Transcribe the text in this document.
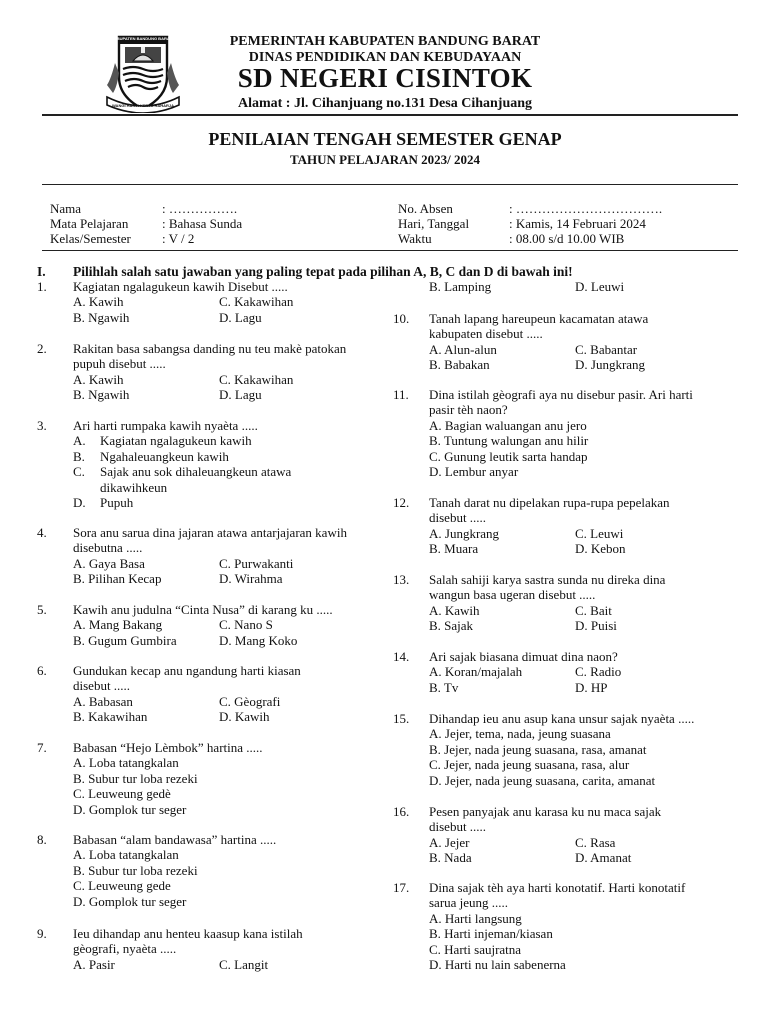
KABUPATEN BANDUNG BARAT
WANGI HARTI KERTA RAHARJA
PEMERINTAH KABUPATEN BANDUNG BARAT
DINAS PENDIDIKAN DAN KEBUDAYAAN
SD NEGERI CISINTOK
Alamat : Jl. Cihanjuang no.131 Desa Cihanjuang
PENILAIAN TENGAH SEMESTER GENAP
TAHUN PELAJARAN 2023/ 2024
Nama	: …………….
Mata Pelajaran	: Bahasa Sunda
Kelas/Semester : V / 2
No. Absen	: …………………………….
Hari, Tanggal	: Kamis, 14 Februari 2024
Waktu	: 08.00 s/d 10.00 WIB
I. Pilihlah salah satu jawaban yang paling tepat pada pilihan A, B, C dan D di bawah ini!
1. Kagiatan ngalagukeun kawih Disebut .....
A. Kawih	C. Kakawihan
B. Ngawih	D. Lagu
2. Rakitan basa sabangsa danding nu teu makè patokan
pupuh disebut .....
A. Kawih	C. Kakawihan
B. Ngawih	D. Lagu
3. Ari harti rumpaka kawih nyaèta .....
A. Kagiatan ngalagukeun kawih
B. Ngahaleuangkeun kawih
C. Sajak anu sok dihaleuangkeun atawa
dikawihkeun
D. Pupuh
4. Sora anu sarua dina jajaran atawa antarjajaran kawih
disebutna .....
A. Gaya Basa	C. Purwakanti
B. Pilihan Kecap	D. Wirahma
5. Kawih anu judulna “Cinta Nusa” di karang ku .....
A. Mang Bakang	C. Nano S
B. Gugum Gumbira	D. Mang Koko
6. Gundukan kecap anu ngandung harti kiasan
disebut .....
A. Babasan	C. Gèografi
B. Kakawihan	D. Kawih
7. Babasan “Hejo Lèmbok” hartina .....
A. Loba tatangkalan
B. Subur tur loba rezeki
C. Leuweung gedè
D. Gomplok tur seger
8. Babasan “alam bandawasa” hartina .....
A. Loba tatangkalan
B. Subur tur loba rezeki
C. Leuweung gede
D. Gomplok tur seger
9. Ieu dihandap anu henteu kaasup kana istilah
gèografi, nyaèta .....
A. Pasir	C. Langit
B. Lamping	D. Leuwi
10. Tanah lapang hareupeun kacamatan atawa
kabupaten disebut .....
A. Alun-alun	C. Babantar
B. Babakan	D. Jungkrang
11. Dina istilah gèografi aya nu disebur pasir. Ari harti
pasir tèh naon?
A. Bagian waluangan anu jero
B. Tuntung walungan anu hilir
C. Gunung leutik sarta handap
D. Lembur anyar
12. Tanah darat nu dipelakan rupa-rupa pepelakan
disebut .....
A. Jungkrang	C. Leuwi
B. Muara	D. Kebon
13. Salah sahiji karya sastra sunda nu direka dina
wangun basa ugeran disebut .....
A. Kawih	C. Bait
B. Sajak	D. Puisi
14. Ari sajak biasana dimuat dina naon?
A. Koran/majalah	C. Radio
B. Tv	D. HP
15. Dihandap ieu anu asup kana unsur sajak nyaèta .....
A. Jejer, tema, nada, jeung suasana
B. Jejer, nada jeung suasana, rasa, amanat
C. Jejer, nada jeung suasana, rasa, alur
D. Jejer, nada jeung suasana, carita, amanat
16. Pesen panyajak anu karasa ku nu maca sajak
disebut .....
A. Jejer	C. Rasa
B. Nada	D. Amanat
17. Dina sajak tèh aya harti konotatif. Harti konotatif
sarua jeung .....
A. Harti langsung
B. Harti injeman/kiasan
C. Harti saujratna
D. Harti nu lain sabenerna
